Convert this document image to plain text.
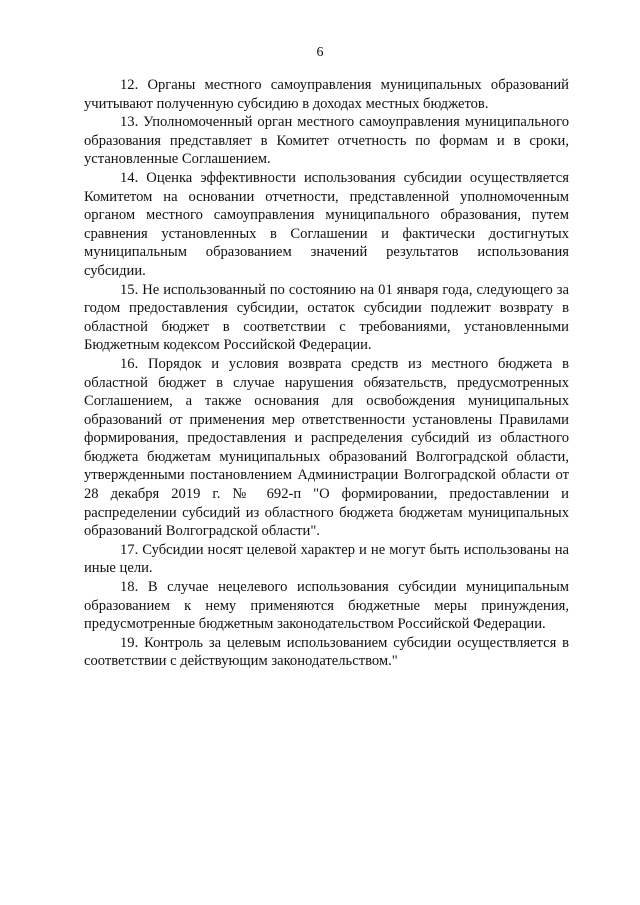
6

12. Органы местного самоуправления муниципальных образований учитывают полученную субсидию в доходах местных бюджетов.

13. Уполномоченный орган местного самоуправления муниципального образования представляет в Комитет отчетность по формам и в сроки, установленные Соглашением.

14. Оценка эффективности использования субсидии осуществляется Комитетом на основании отчетности, представленной уполномоченным органом местного самоуправления муниципального образования, путем сравнения установленных в Соглашении и фактически достигнутых муниципальным образованием значений результатов использования субсидии.

15. Не использованный по состоянию на 01 января года, следующего за годом предоставления субсидии, остаток субсидии подлежит возврату в областной бюджет в соответствии с требованиями, установленными Бюджетным кодексом Российской Федерации.

16. Порядок и условия возврата средств из местного бюджета в областной бюджет в случае нарушения обязательств, предусмотренных Соглашением, а также основания для освобождения муниципальных образований от применения мер ответственности установлены Правилами формирования, предоставления и распределения субсидий из областного бюджета бюджетам муниципальных образований Волгоградской области, утвержденными постановлением Администрации Волгоградской области от 28 декабря 2019 г. № 692-п "О формировании, предоставлении и распределении субсидий из областного бюджета бюджетам муниципальных образований Волгоградской области".

17. Субсидии носят целевой характер и не могут быть использованы на иные цели.

18. В случае нецелевого использования субсидии муниципальным образованием к нему применяются бюджетные меры принуждения, предусмотренные бюджетным законодательством Российской Федерации.

19. Контроль за целевым использованием субсидии осуществляется в соответствии с действующим законодательством."
